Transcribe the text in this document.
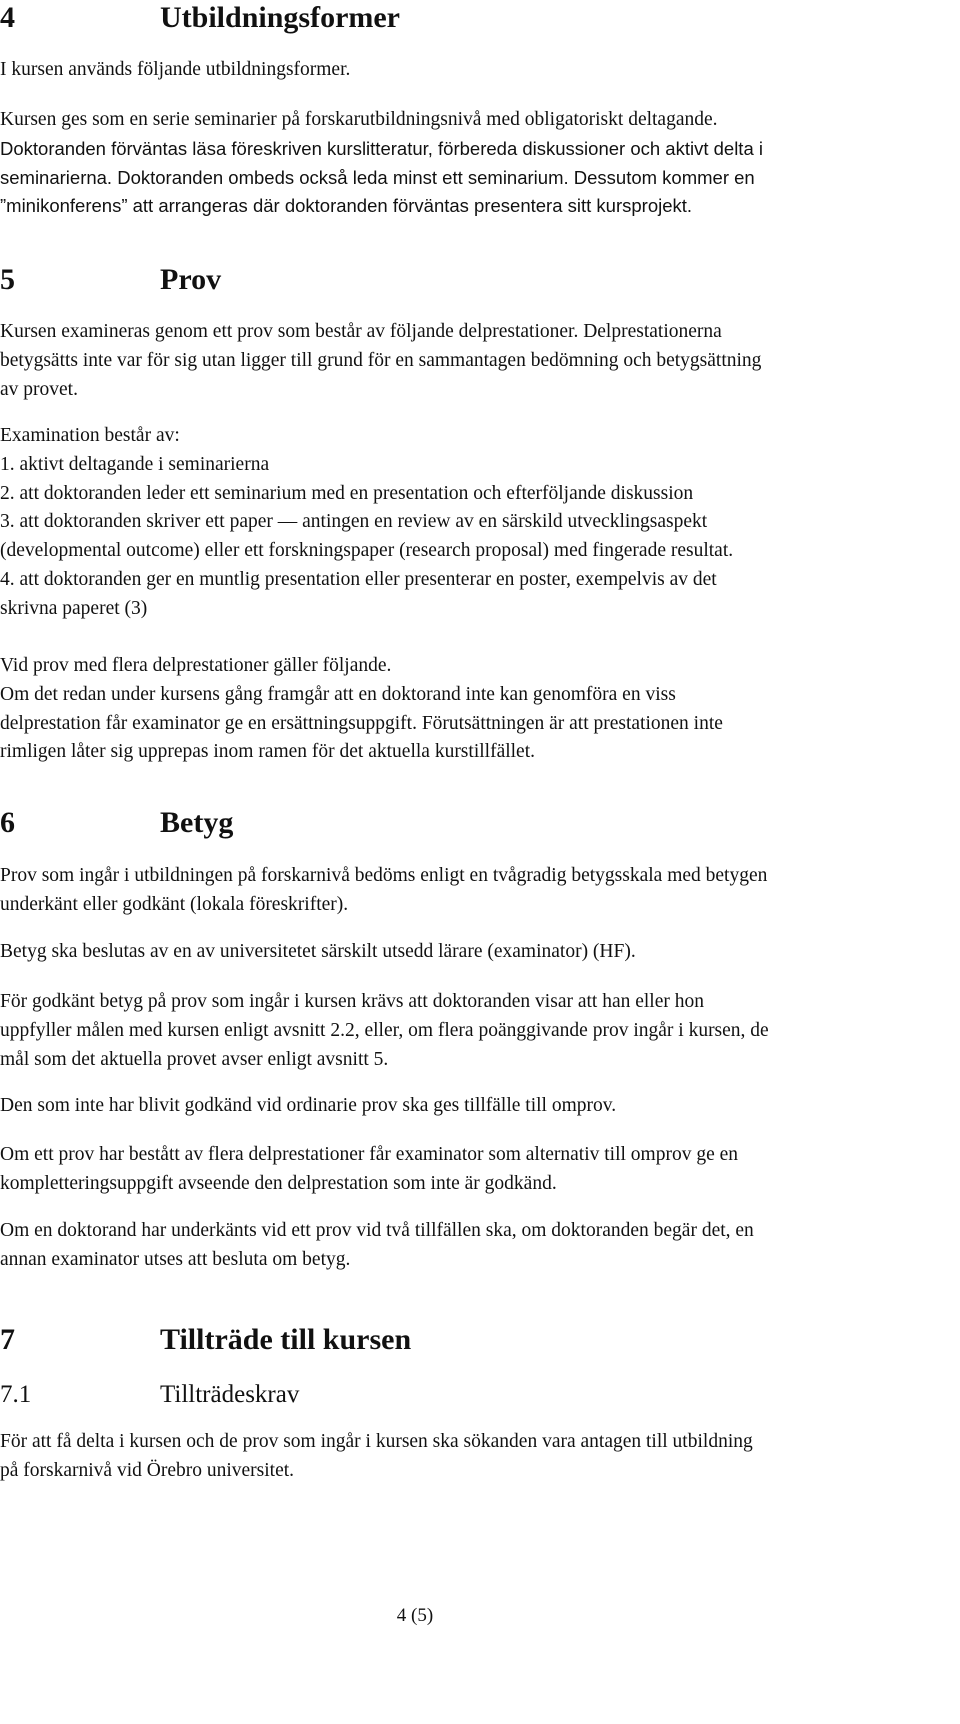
4	Utbildningsformer
I kursen används följande utbildningsformer.
Kursen ges som en serie seminarier på forskarutbildningsnivå med obligatoriskt deltagande.
Doktoranden förväntas läsa föreskriven kurslitteratur, förbereda diskussioner och aktivt delta i
seminarierna. Doktoranden ombeds också leda minst ett seminarium. Dessutom kommer en
”minikonferens” att arrangeras där doktoranden förväntas presentera sitt kursprojekt.
5	Prov
Kursen examineras genom ett prov som består av följande delprestationer. Delprestationerna
betygsätts inte var för sig utan ligger till grund för en sammantagen bedömning och betygsättning
av provet.
Examination består av:
1. aktivt deltagande i seminarierna
2. att doktoranden leder ett seminarium med en presentation och efterföljande diskussion
3. att doktoranden skriver ett paper — antingen en review av en särskild utvecklingsaspekt
(developmental outcome) eller ett forskningspaper (research proposal) med fingerade resultat.
4. att doktoranden ger en muntlig presentation eller presenterar en poster, exempelvis av det
skrivna paperet (3)
Vid prov med flera delprestationer gäller följande.
Om det redan under kursens gång framgår att en doktorand inte kan genomföra en viss
delprestation får examinator ge en ersättningsuppgift. Förutsättningen är att prestationen inte
rimligen låter sig upprepas inom ramen för det aktuella kurstillfället.
6	Betyg
Prov som ingår i utbildningen på forskarnivå bedöms enligt en tvågradig betygsskala med betygen
underkänt eller godkänt (lokala föreskrifter).
Betyg ska beslutas av en av universitetet särskilt utsedd lärare (examinator) (HF).
För godkänt betyg på prov som ingår i kursen krävs att doktoranden visar att han eller hon
uppfyller målen med kursen enligt avsnitt 2.2, eller, om flera poänggivande prov ingår i kursen, de
mål som det aktuella provet avser enligt avsnitt 5.
Den som inte har blivit godkänd vid ordinarie prov ska ges tillfälle till omprov.
Om ett prov har bestått av flera delprestationer får examinator som alternativ till omprov ge en
kompletteringsuppgift avseende den delprestation som inte är godkänd.
Om en doktorand har underkänts vid ett prov vid två tillfällen ska, om doktoranden begär det, en
annan examinator utses att besluta om betyg.
7	Tillträde till kursen
7.1	Tillträdeskrav
För att få delta i kursen och de prov som ingår i kursen ska sökanden vara antagen till utbildning
på forskarnivå vid Örebro universitet.
4 (5)
